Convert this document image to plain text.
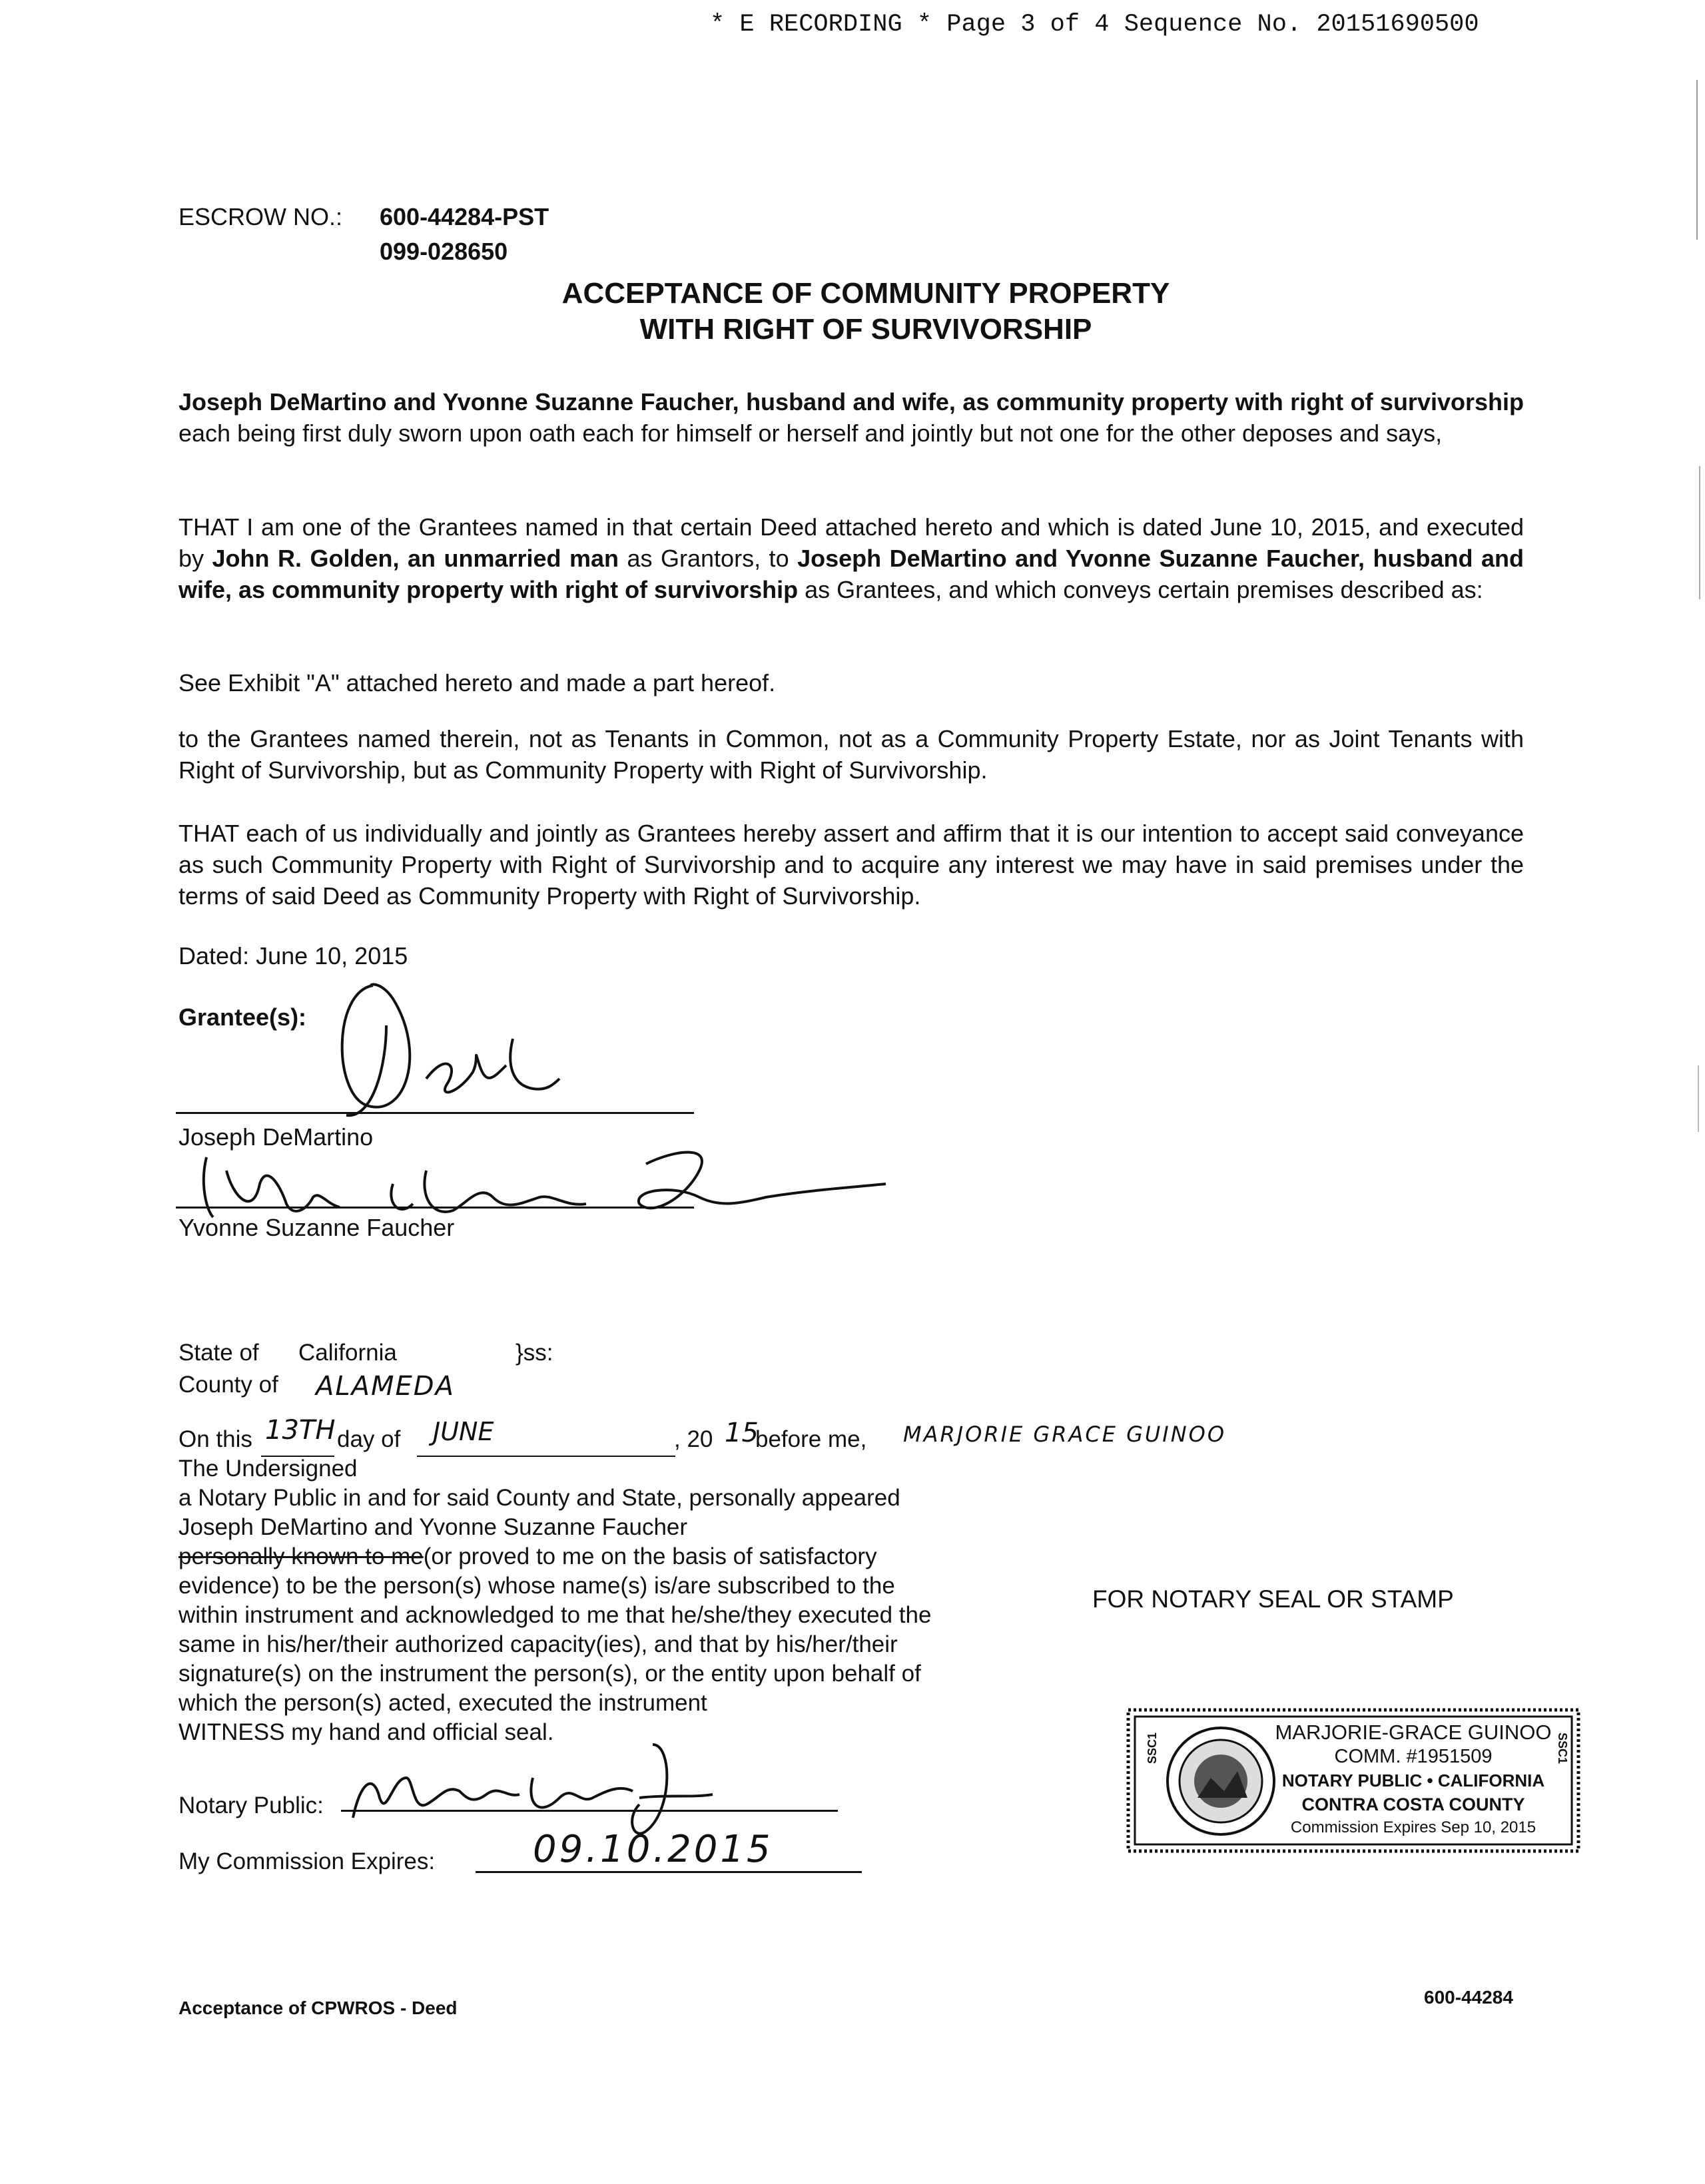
* E RECORDING * Page 3 of 4 Sequence No. 20151690500
ESCROW NO.: 600-44284-PST
099-028650
ACCEPTANCE OF COMMUNITY PROPERTY
WITH RIGHT OF SURVIVORSHIP
Joseph DeMartino and Yvonne Suzanne Faucher, husband and wife, as community property with right of survivorship each being first duly sworn upon oath each for himself or herself and jointly but not one for the other deposes and says,
THAT I am one of the Grantees named in that certain Deed attached hereto and which is dated June 10, 2015, and executed by John R. Golden, an unmarried man as Grantors, to Joseph DeMartino and Yvonne Suzanne Faucher, husband and wife, as community property with right of survivorship as Grantees, and which conveys certain premises described as:
See Exhibit "A" attached hereto and made a part hereof.
to the Grantees named therein, not as Tenants in Common, not as a Community Property Estate, nor as Joint Tenants with Right of Survivorship, but as Community Property with Right of Survivorship.
THAT each of us individually and jointly as Grantees hereby assert and affirm that it is our intention to accept said conveyance as such Community Property with Right of Survivorship and to acquire any interest we may have in said premises under the terms of said Deed as Community Property with Right of Survivorship.
Dated: June 10, 2015
Grantee(s):
Joseph DeMartino
Yvonne Suzanne Faucher
State of California	}ss:
County of ALAMEDA
On this 13TH day of JUNE	, 20 15
before me, MARJORIE GRACE GUINOO
The Undersigned
a Notary Public in and for said County and State, personally appeared
Joseph DeMartino and Yvonne Suzanne Faucher
personally known to me(or proved to me on the basis of satisfactory
evidence) to be the person(s) whose name(s) is/are subscribed to the
within instrument and acknowledged to me that he/she/they executed the
same in his/her/their authorized capacity(ies), and that by his/her/their
signature(s) on the instrument the person(s), or the entity upon behalf of
which the person(s) acted, executed the instrument
WITNESS my hand and official seal.
Notary Public:
My Commission Expires:	09.10.2015
FOR NOTARY SEAL OR STAMP
SSC1	SSC1
MARJORIE-GRACE GUINOO
COMM. #1951509
NOTARY PUBLIC • CALIFORNIA
CONTRA COSTA COUNTY
Commission Expires Sep 10, 2015
Acceptance of CPWROS - Deed
600-44284
